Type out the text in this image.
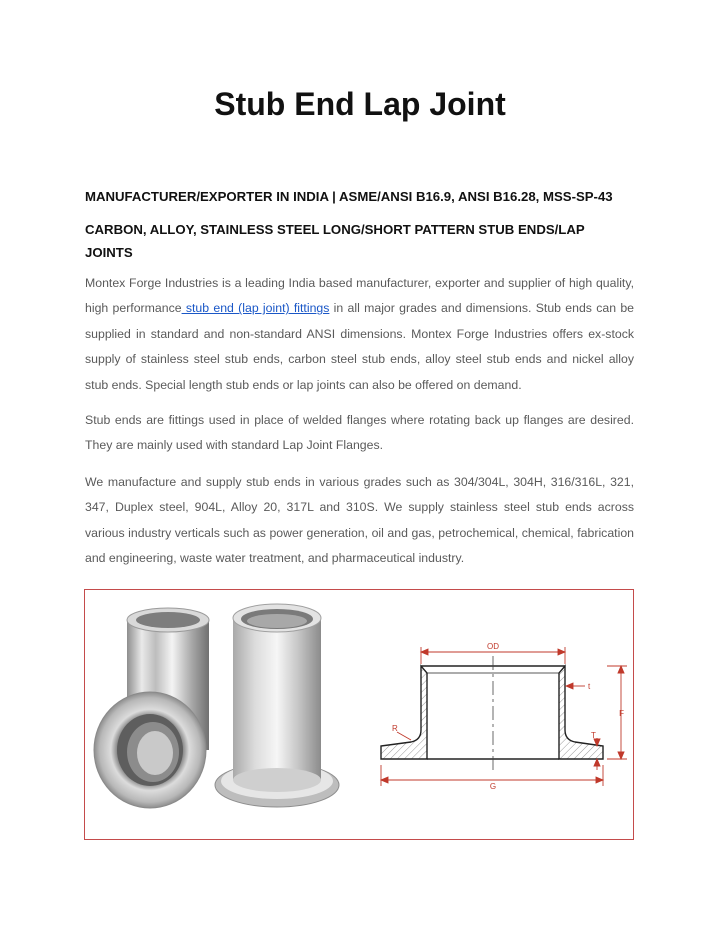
Stub End Lap Joint
MANUFACTURER/EXPORTER IN INDIA | ASME/ANSI B16.9, ANSI B16.28, MSS-SP-43
CARBON, ALLOY, STAINLESS STEEL LONG/SHORT PATTERN STUB ENDS/LAP JOINTS

Montex Forge Industries is a leading India based manufacturer, exporter and supplier of high quality, high performance stub end (lap joint) fittings in all major grades and dimensions. Stub ends can be supplied in standard and non-standard ANSI dimensions. Montex Forge Industries offers ex-stock supply of stainless steel stub ends, carbon steel stub ends, alloy steel stub ends and nickel alloy stub ends. Special length stub ends or lap joints can also be offered on demand.

Stub ends are fittings used in place of welded flanges where rotating back up flanges are desired. They are mainly used with standard Lap Joint Flanges.

We manufacture and supply stub ends in various grades such as 304/304L, 304H, 316/316L, 321, 347, Duplex steel, 904L, Alloy 20, 317L and 310S. We supply stainless steel stub ends across various industry verticals such as power generation, oil and gas, petrochemical, chemical, fabrication and engineering, waste water treatment, and pharmaceutical industry.

OD
t
F
R
T
G
